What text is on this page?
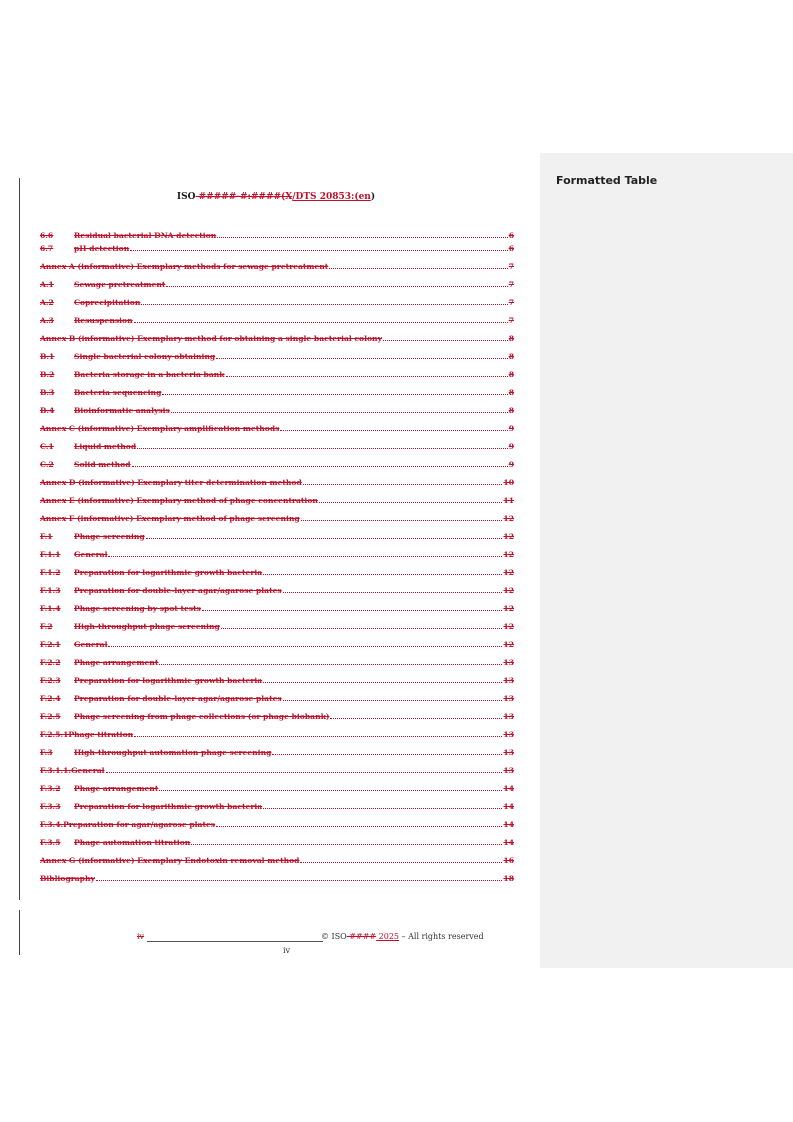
Formatted Table
ISO #####-#:####(X/DTS 20853:(en)
6.6	Residual bacterial DNA detection	6
6.7	pH detection	6
Annex A (informative) Exemplary methods for sewage pretreatment	7
A.1	Sewage pretreatment	7
A.2	Coprecipitation	7
A.3	Resuspension	7
Annex B (informative) Exemplary method for obtaining a single bacterial colony	8
B.1	Single bacterial colony obtaining	8
B.2	Bacteria storage in a bacteria bank	8
B.3	Bacteria sequencing	8
B.4	Bioinformatic analysis	8
Annex C (informative) Exemplary amplification methods	9
C.1	Liquid method	9
C.2	Solid method	9
Annex D (informative) Exemplary titer determination method	10
Annex E (informative) Exemplary method of phage concentration	11
Annex F (informative) Exemplary method of phage screening	12
F.1	Phage screening	12
F.1.1	General	12
F.1.2	Preparation for logarithmic growth bacteria	12
F.1.3	Preparation for double-layer agar/agarose plates	12
F.1.4	Phage screening by spot tests	12
F.2	High-throughput phage screening	12
F.2.1	General	12
F.2.2	Phage arrangement	13
F.2.3	Preparation for logarithmic growth bacteria	13
F.2.4	Preparation for double-layer agar/agarose plates	13
F.2.5	Phage screening from phage collections (or phage biobank)	13
F.2.5.1 Phage titration	13
F.3	High-throughput automation phage screening	13
F.3.1.1. General	13
F.3.2	Phage arrangement	14
F.3.3	Preparation for logarithmic growth bacteria	14
F.3.4. Preparation for agar/agarose plates	14
F.3.5	Phage automation titration	14
Annex G (informative) Exemplary Endotoxin removal method	16
Bibliography	18
iv	© ISO #### 2025 – All rights reserved
iv
